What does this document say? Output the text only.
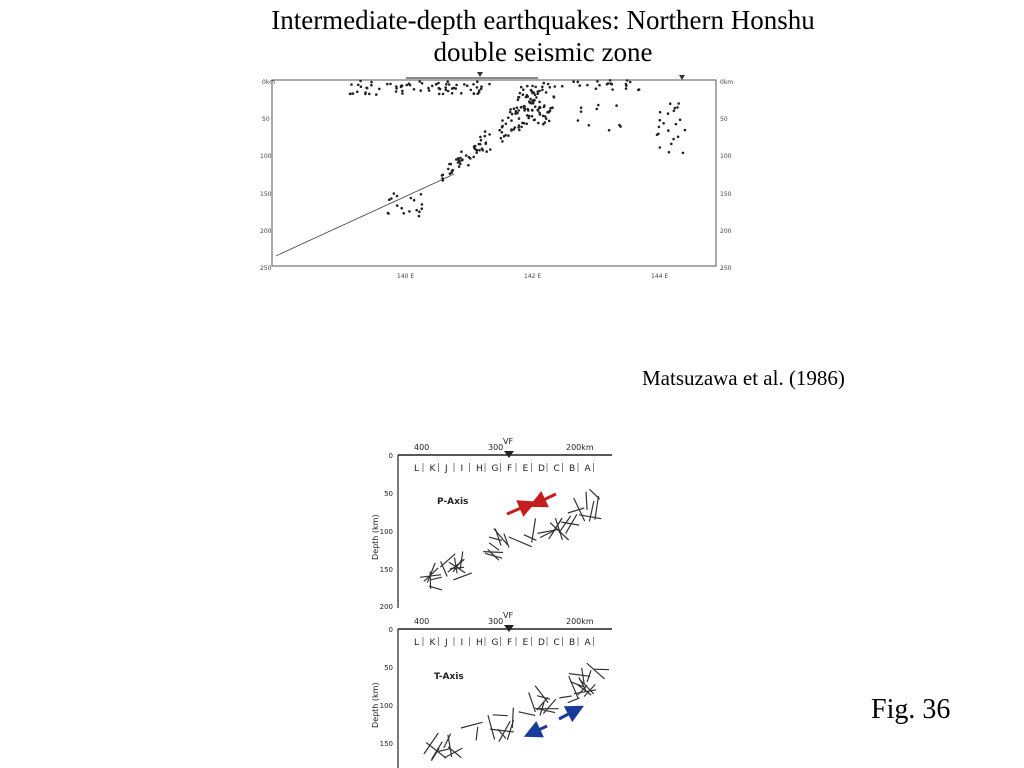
Intermediate-depth earthquakes: Northern Honshu
double seismic zone
0km
50
100
150
200
250
0km
50
100
150
200
250
140 E	142 E	144 E
Matsuzawa et al. (1986)
400	300	200km
VF
L K J I H G F E D C B A
0
50
100
150
200
Depth (km)
P-Axis
400	300	200km
VF
L K J I H G F E D C B A
0
50
100
150
Depth (km)
T-Axis
Fig. 36
